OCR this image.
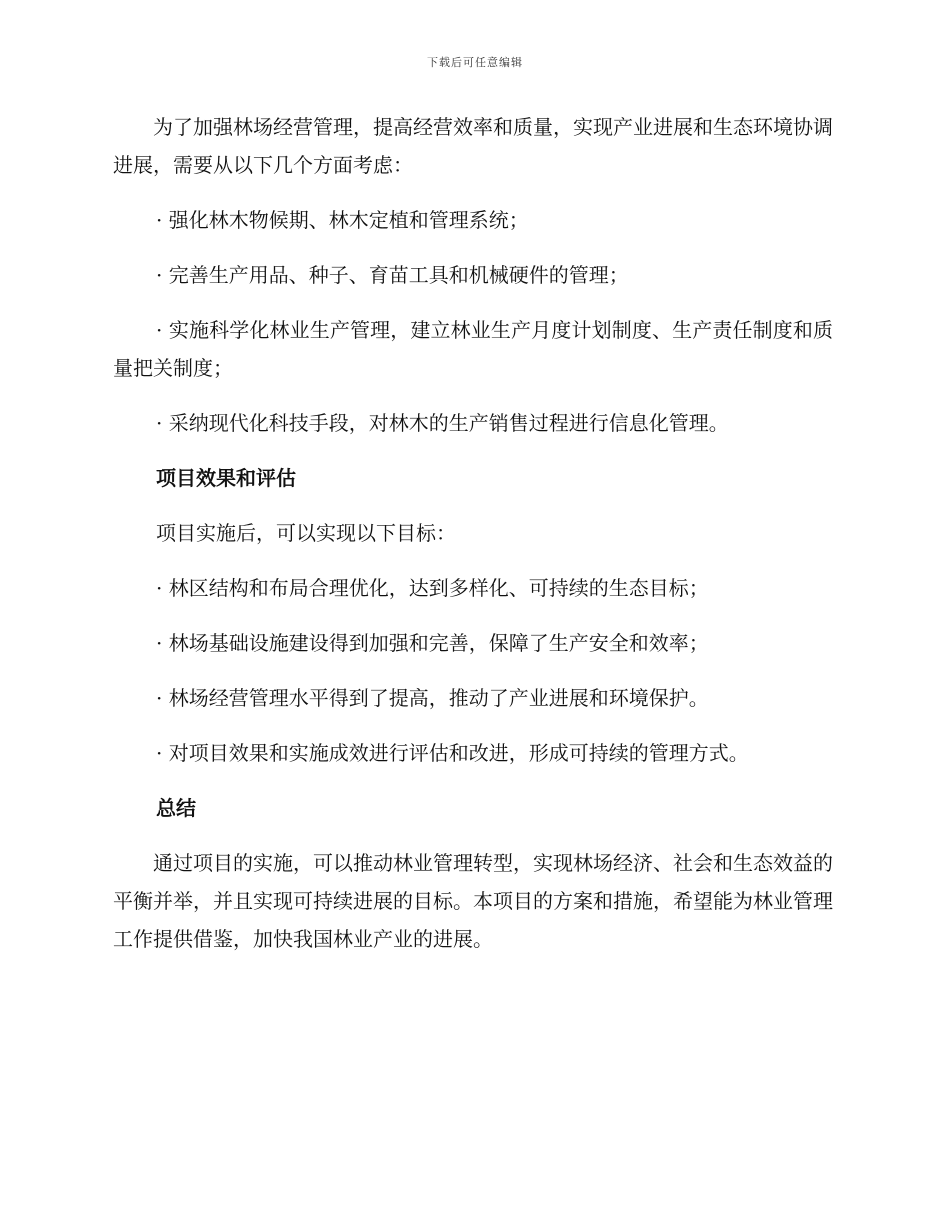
下载后可任意编辑

为了加强林场经营管理，提高经营效率和质量，实现产业进展和生态环境协调进展，需要从以下几个方面考虑：

· 强化林木物候期、林木定植和管理系统；

· 完善生产用品、种子、育苗工具和机械硬件的管理；

· 实施科学化林业生产管理，建立林业生产月度计划制度、生产责任制度和质量把关制度；

· 采纳现代化科技手段，对林木的生产销售过程进行信息化管理。

项目效果和评估

项目实施后，可以实现以下目标：

· 林区结构和布局合理优化，达到多样化、可持续的生态目标；

· 林场基础设施建设得到加强和完善，保障了生产安全和效率；

· 林场经营管理水平得到了提高，推动了产业进展和环境保护。

· 对项目效果和实施成效进行评估和改进，形成可持续的管理方式。

总结

通过项目的实施，可以推动林业管理转型，实现林场经济、社会和生态效益的平衡并举，并且实现可持续进展的目标。本项目的方案和措施，希望能为林业管理工作提供借鉴，加快我国林业产业的进展。
